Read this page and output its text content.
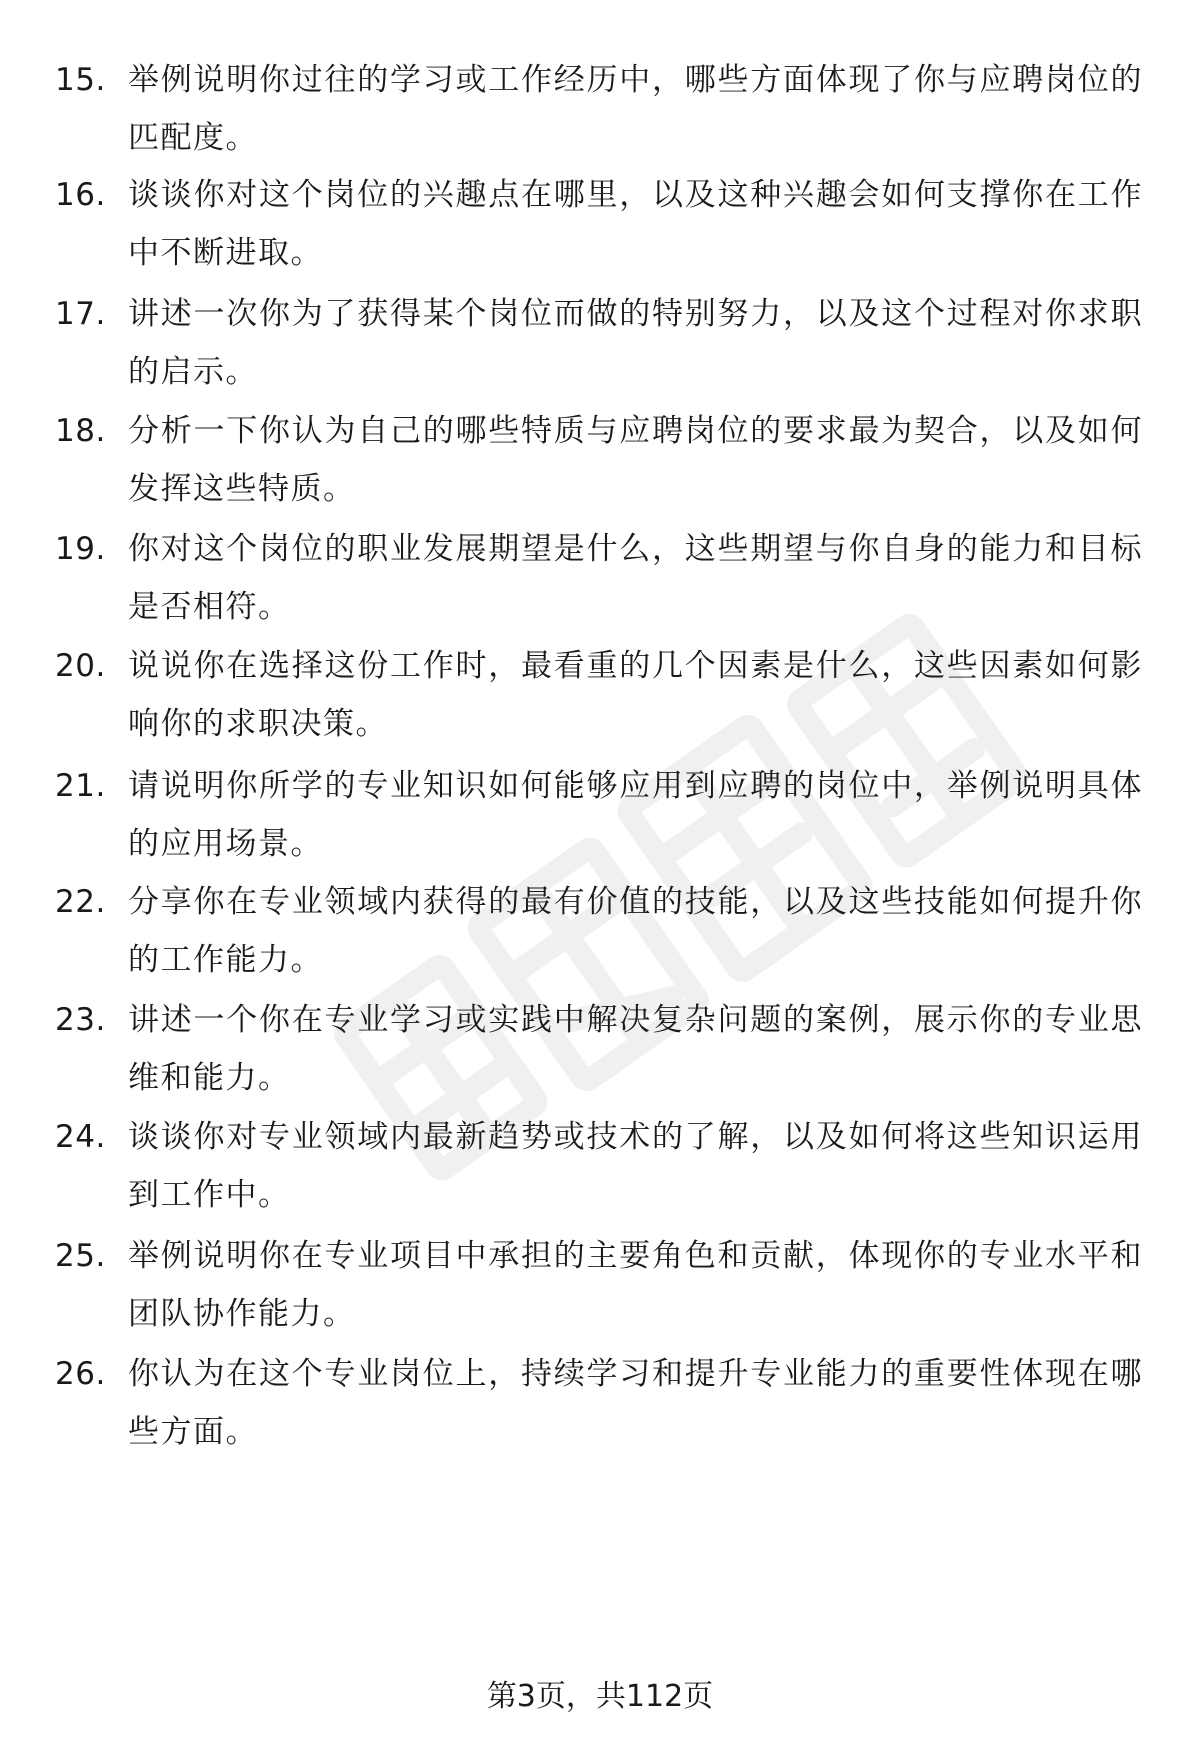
15. 举例说明你过往的学习或工作经历中，哪些方面体现了你与应聘岗位的匹配度。
16. 谈谈你对这个岗位的兴趣点在哪里，以及这种兴趣会如何支撑你在工作中不断进取。
17. 讲述一次你为了获得某个岗位而做的特别努力，以及这个过程对你求职的启示。
18. 分析一下你认为自己的哪些特质与应聘岗位的要求最为契合，以及如何发挥这些特质。
19. 你对这个岗位的职业发展期望是什么，这些期望与你自身的能力和目标是否相符。
20. 说说你在选择这份工作时，最看重的几个因素是什么，这些因素如何影响你的求职决策。
21. 请说明你所学的专业知识如何能够应用到应聘的岗位中，举例说明具体的应用场景。
22. 分享你在专业领域内获得的最有价值的技能，以及这些技能如何提升你的工作能力。
23. 讲述一个你在专业学习或实践中解决复杂问题的案例，展示你的专业思维和能力。
24. 谈谈你对专业领域内最新趋势或技术的了解，以及如何将这些知识运用到工作中。
25. 举例说明你在专业项目中承担的主要角色和贡献，体现你的专业水平和团队协作能力。
26. 你认为在这个专业岗位上，持续学习和提升专业能力的重要性体现在哪些方面。
第3页，共112页
